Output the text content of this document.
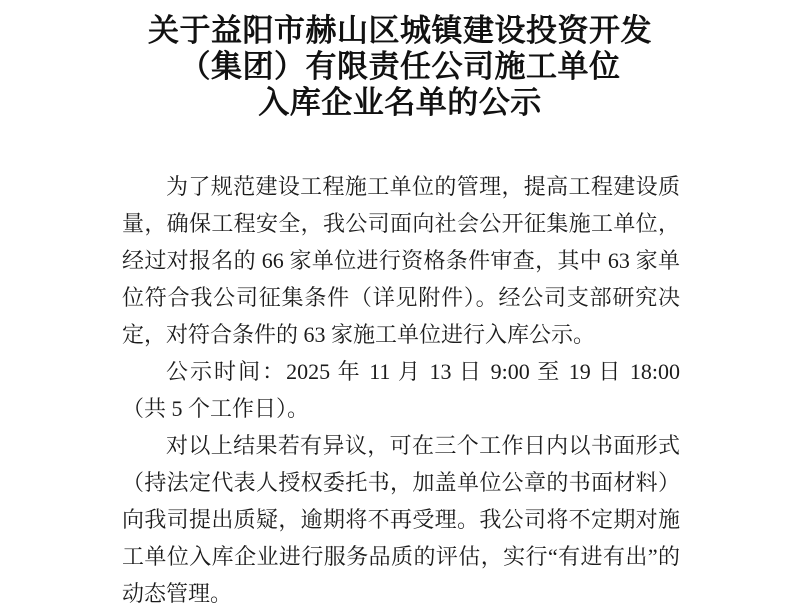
关于益阳市赫山区城镇建设投资开发
（集团）有限责任公司施工单位
入库企业名单的公示

为了规范建设工程施工单位的管理，提高工程建设质量，确保工程安全，我公司面向社会公开征集施工单位，经过对报名的 66 家单位进行资格条件审查，其中 63 家单位符合我公司征集条件（详见附件）。经公司支部研究决定，对符合条件的 63 家施工单位进行入库公示。

公示时间：2025 年 11 月 13 日 9:00 至 19 日 18:00（共 5 个工作日）。

对以上结果若有异议，可在三个工作日内以书面形式（持法定代表人授权委托书，加盖单位公章的书面材料）向我司提出质疑，逾期将不再受理。我公司将不定期对施工单位入库企业进行服务品质的评估，实行“有进有出”的动态管理。
